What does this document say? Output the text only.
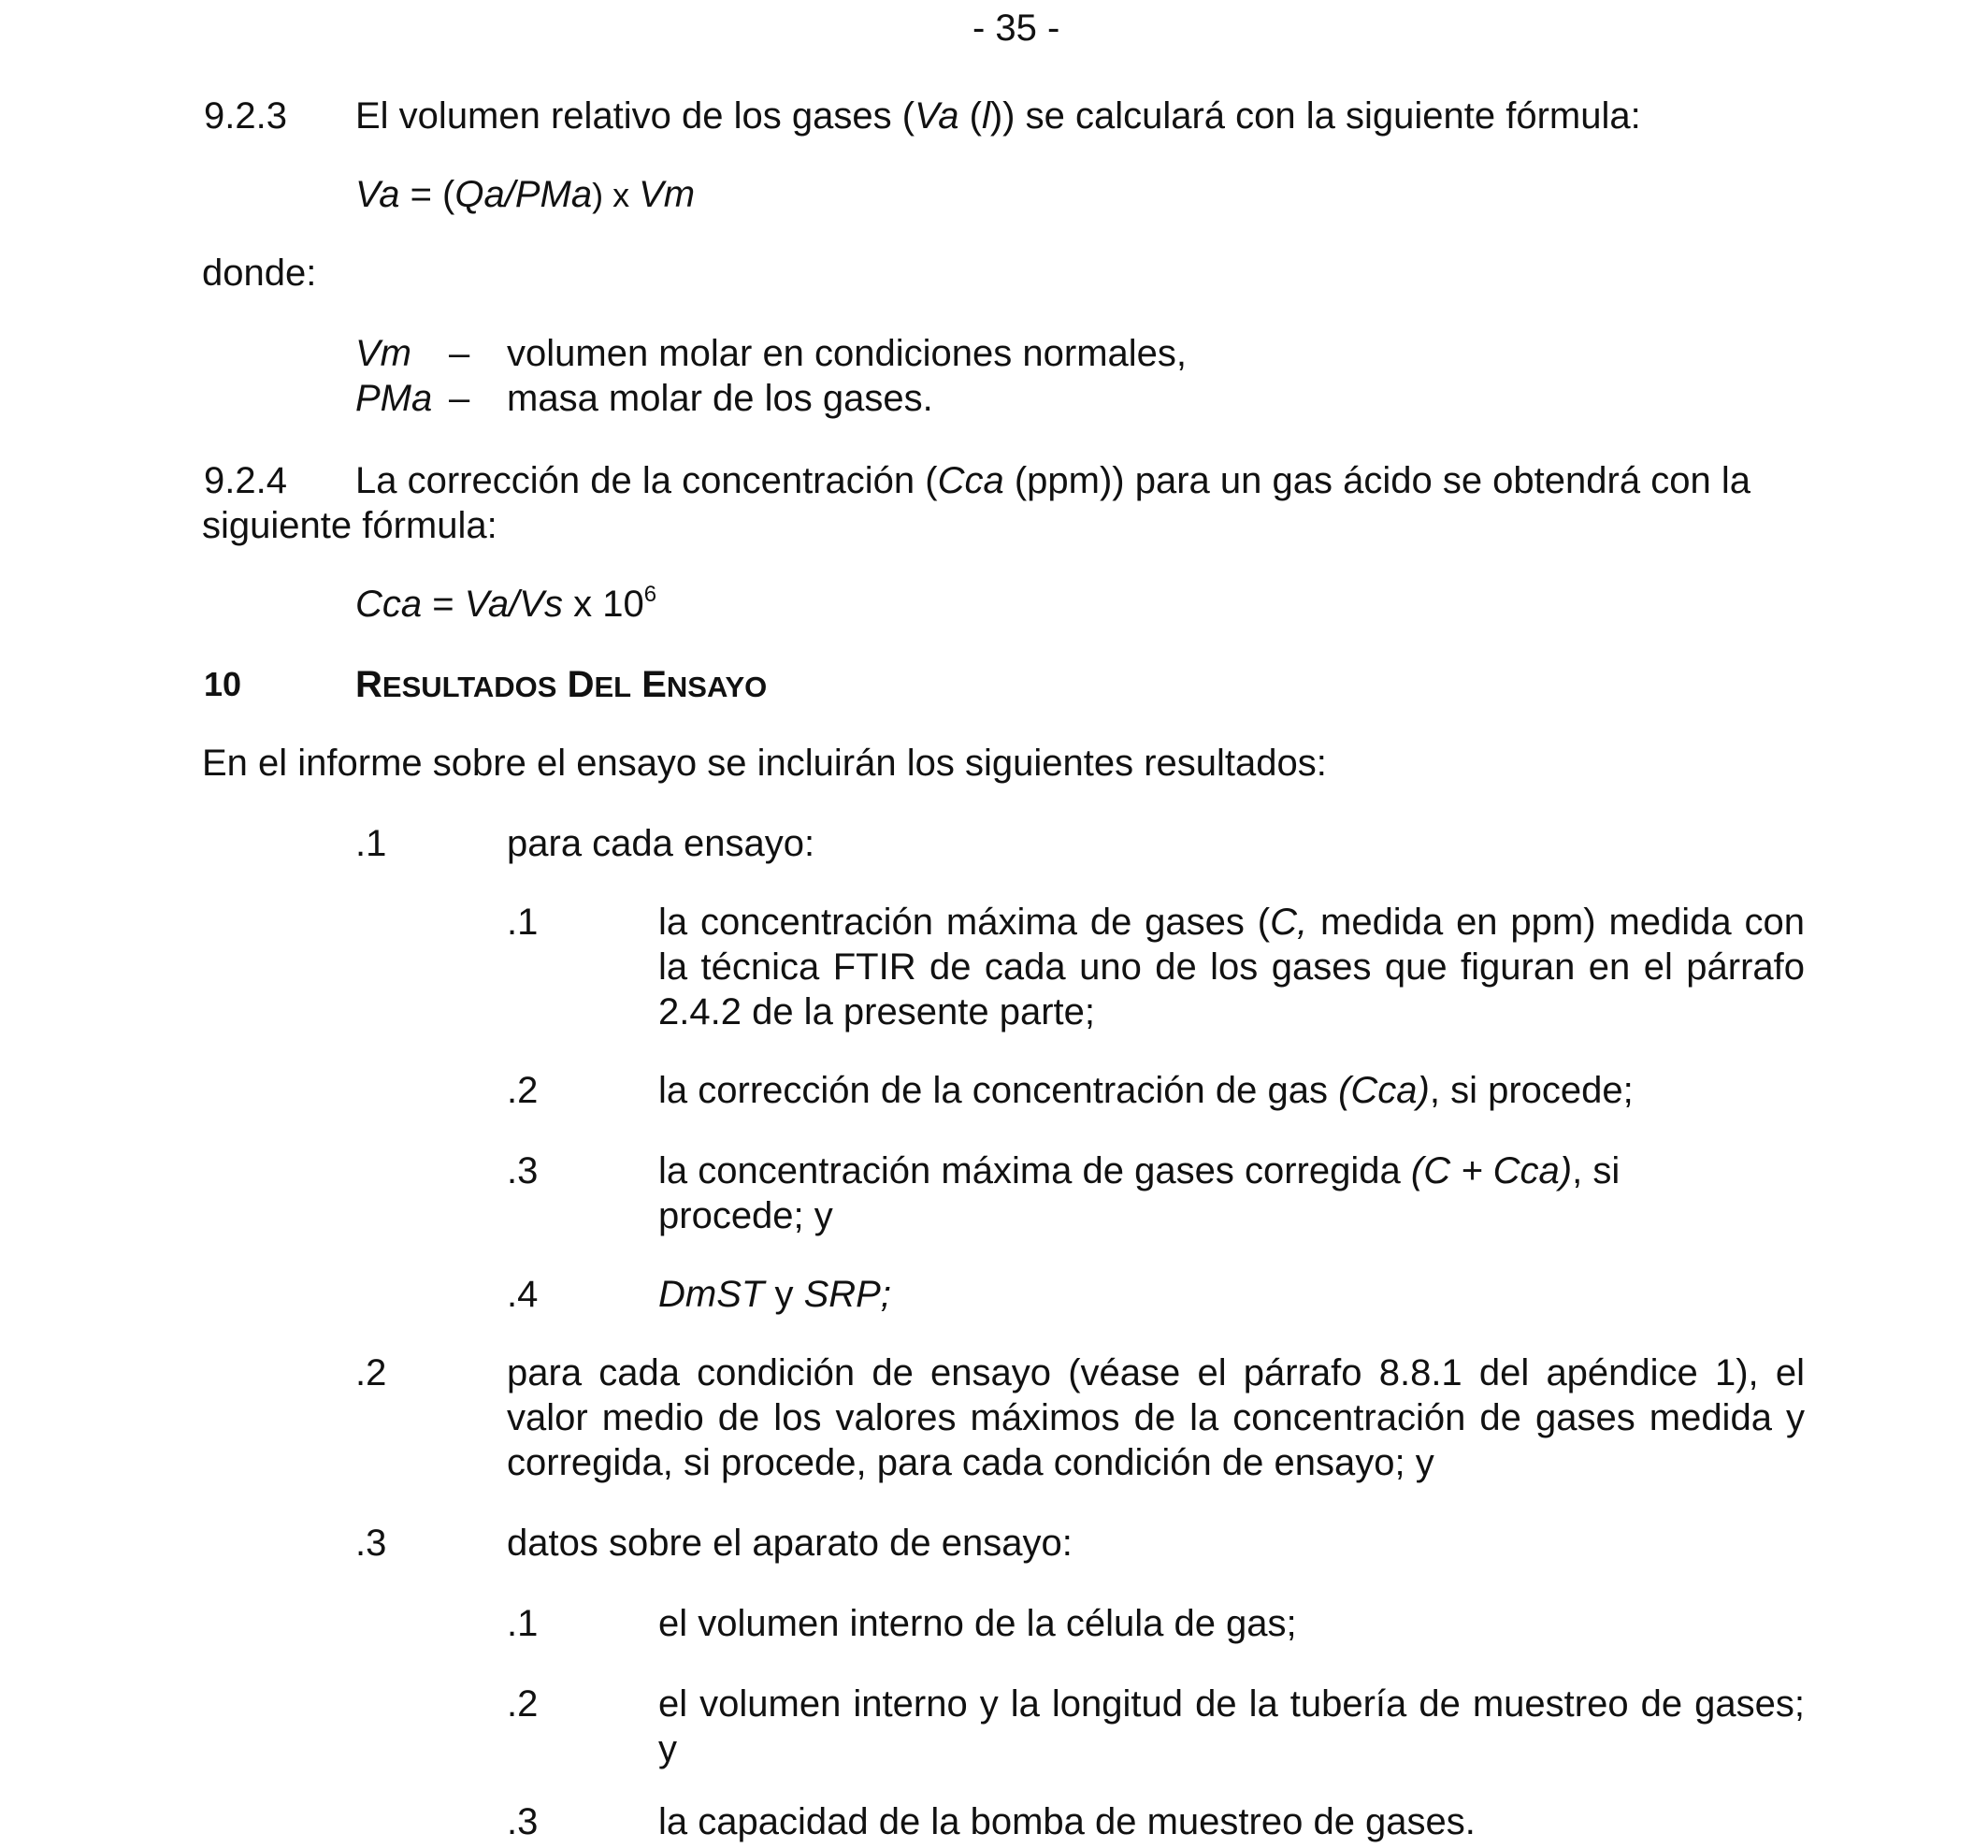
- 35 -
9.2.3 El volumen relativo de los gases (Va (l)) se calculará con la siguiente fórmula:
Va = (Qa/PMa) x Vm
donde:
Vm – volumen molar en condiciones normales,
PMa – masa molar de los gases.
9.2.4 La corrección de la concentración (Cca (ppm)) para un gas ácido se obtendrá con la
siguiente fórmula:
Cca = Va/Vs x $10^6$
10	RESULTADOS DEL ENSAYO
En el informe sobre el ensayo se incluirán los siguientes resultados:
.1	para cada ensayo:
.1	la concentración máxima de gases (C, medida en ppm) medida con la técnica FTIR de cada uno de los gases que figuran en el párrafo 2.4.2 de la presente parte;
.2	la corrección de la concentración de gas (Cca), si procede;
.3	la concentración máxima de gases corregida (C + Cca), si
procede; y
.4	DmST y SRP;
.2	para cada condición de ensayo (véase el párrafo 8.8.1 del apéndice 1), el valor medio de los valores máximos de la concentración de gases medida y corregida, si procede, para cada condición de ensayo; y
.3	datos sobre el aparato de ensayo:
.1	el volumen interno de la célula de gas;
.2	el volumen interno y la longitud de la tubería de muestreo de gases; y
.3	la capacidad de la bomba de muestreo de gases.
